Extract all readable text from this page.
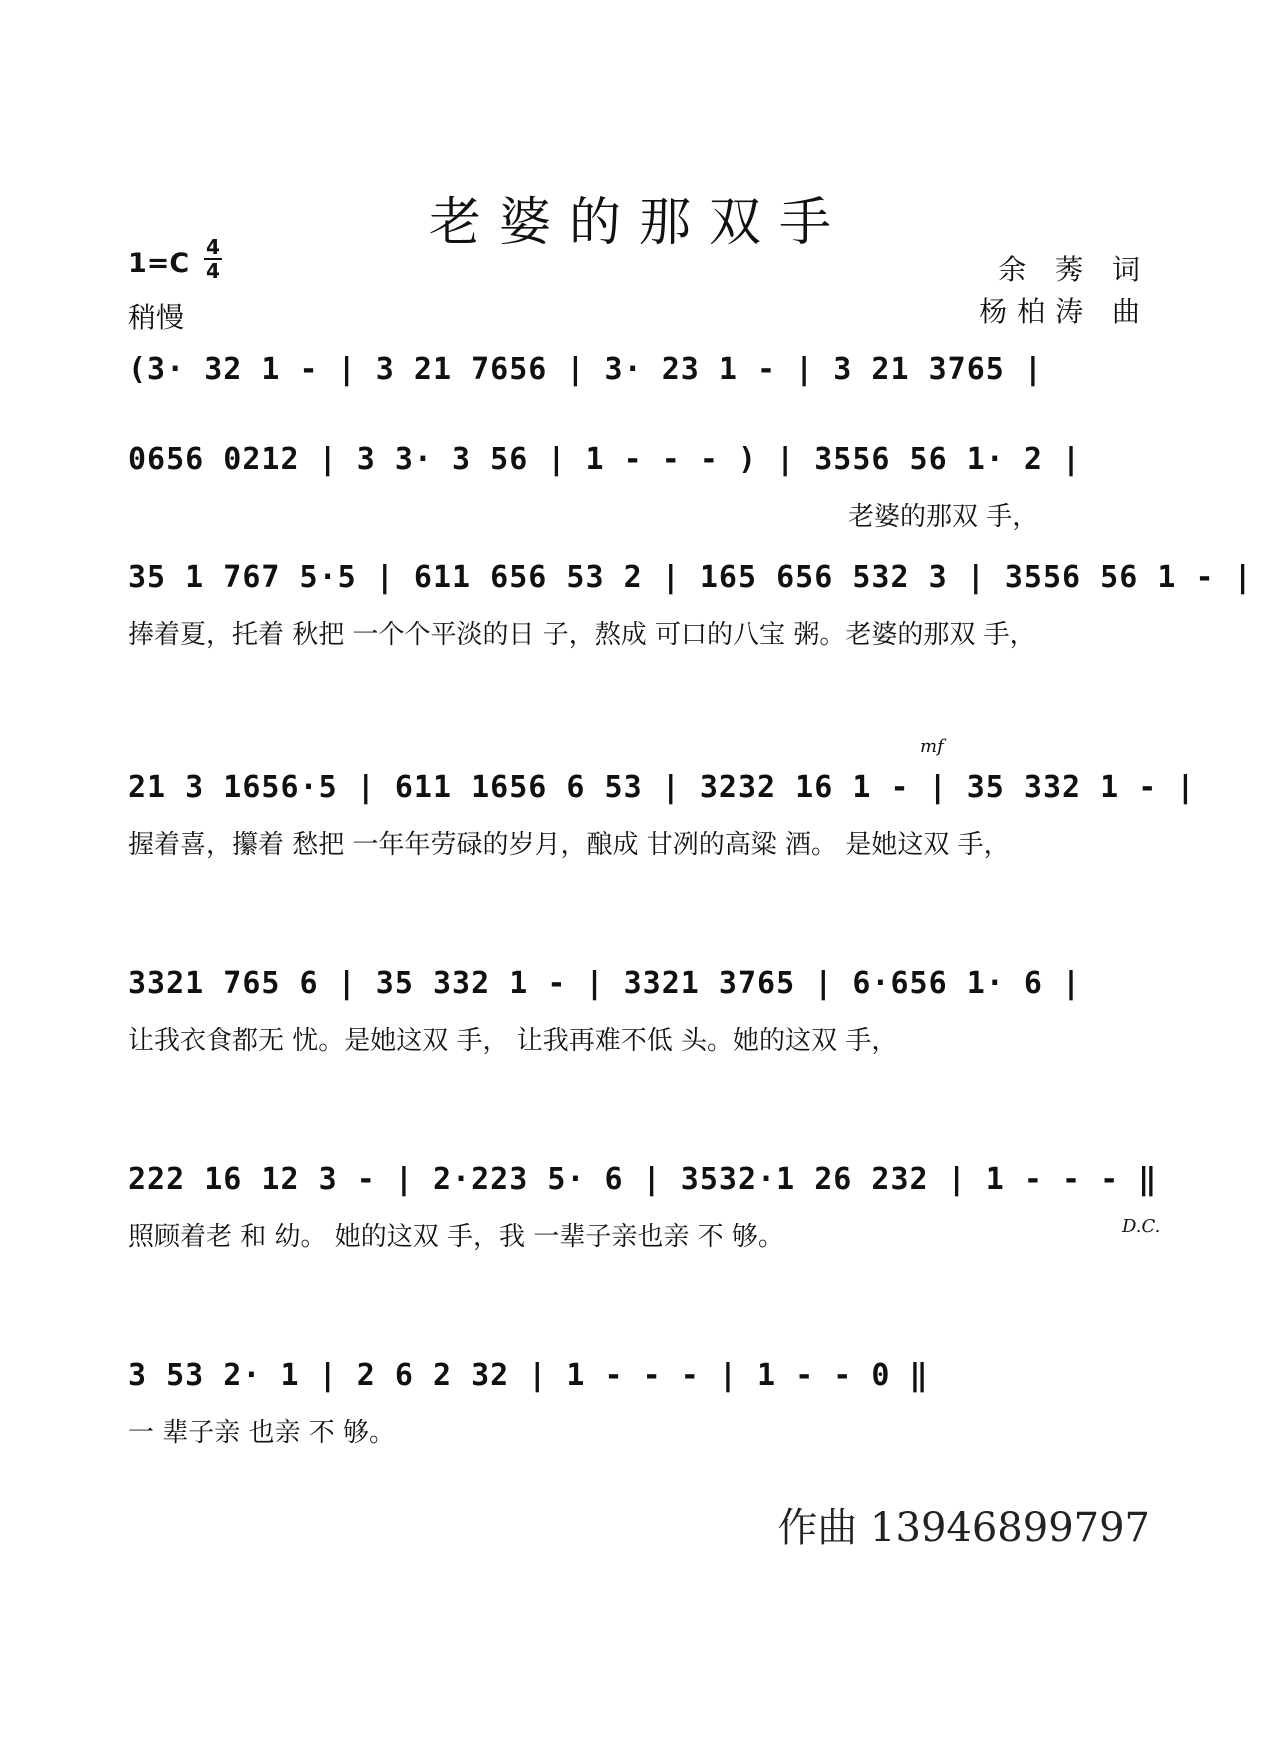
老婆的那双手
$1=C \frac{4}{4}$
稍慢
余 莠 词
杨柏涛 曲
(3· 32 1 - | 3 21 7656 | 3· 23 1 - | 3 21 3765 |
0656 0212 | 3 3· 3 56 | 1 - - - ) | 3556 56 1· 2 |
老婆的那双 手，
35 1 767 5·5 | 611 656 53 2 | 165 656 532 3 | 3556 56 1 - |
捧着夏，托着 秋把 一个个平淡的日 子，熬成 可口的八宝 粥。老婆的那双 手，
mf
21 3 1656·5 | 611 1656 6 53 | 3232 16 1 - | 35 332 1 - |
握着喜，攥着 愁把 一年年劳碌的岁月，酿成 甘冽的高粱 酒。 是她这双 手，
3321 765 6 | 35 332 1 - | 3321 3765 | 6·656 1· 6 |
让我衣食都无 忧。是她这双 手， 让我再难不低 头。她的这双 手，
222 16 12 3 - | 2·223 5· 6 | 3532·1 26 232 | 1 - - - ‖
照顾着老 和 幼。 她的这双 手，我 一辈子亲也亲 不 够。	D.C.
3 53 2· 1 | 2 6 2 32 | 1 - - - | 1 - - 0 ‖
一 辈子亲 也亲 不 够。
作曲 13946899797
